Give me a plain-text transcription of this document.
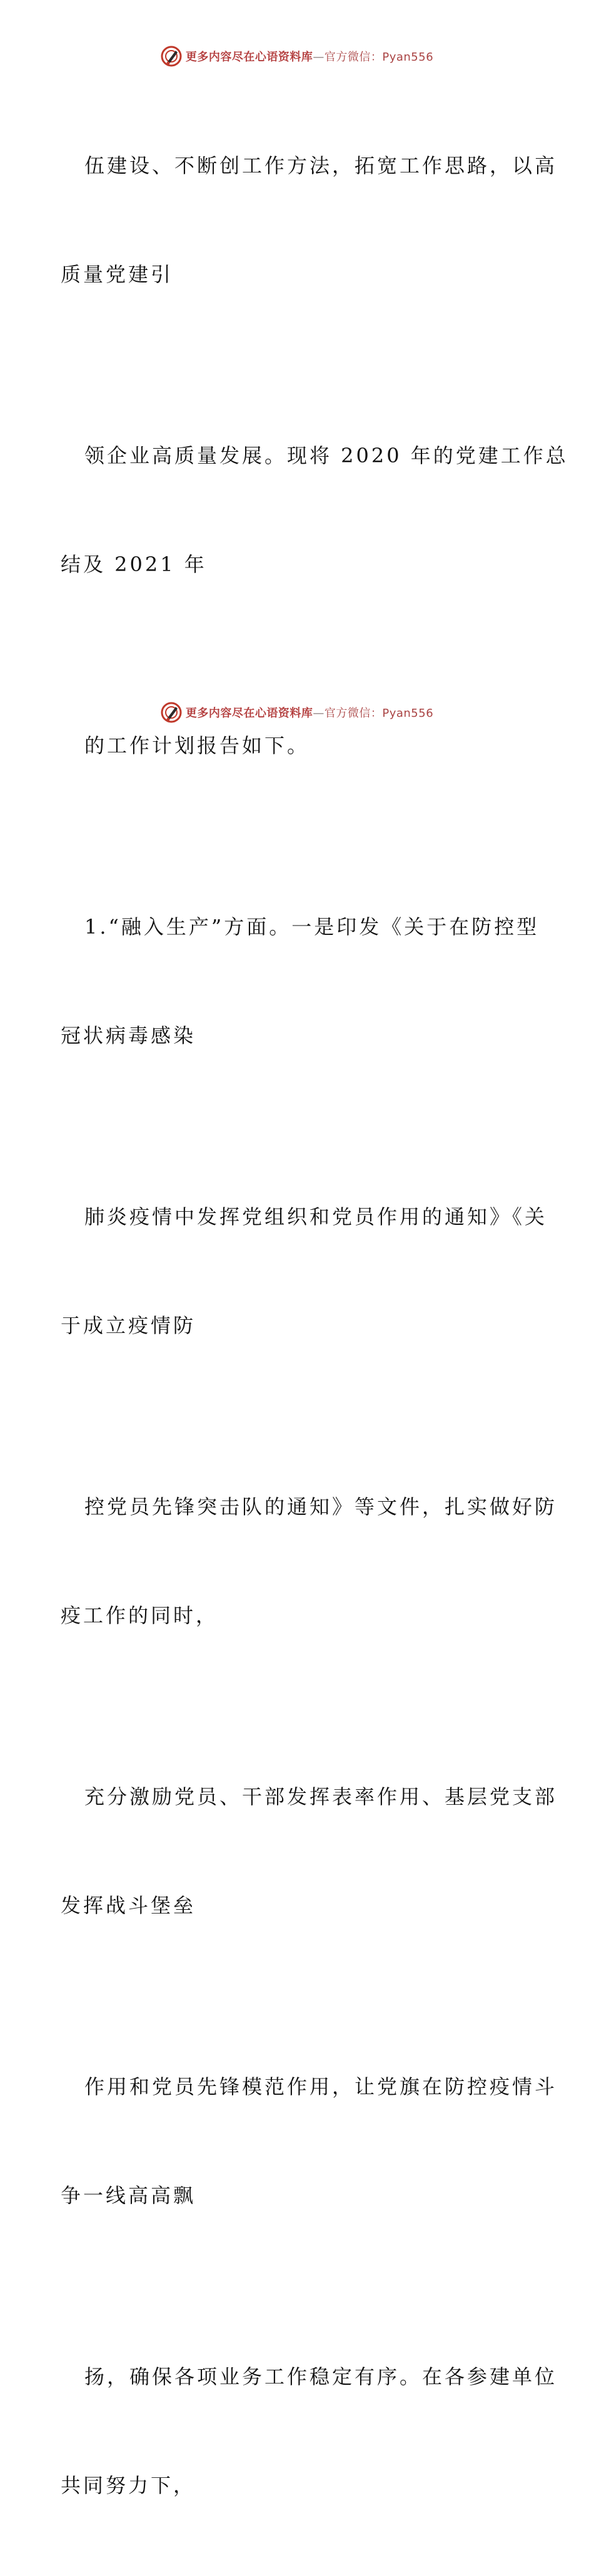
更多内容尽在心语资料库—官方微信：Pyan556

伍建设、不断创工作方法，拓宽工作思路，以高

质量党建引

领企业高质量发展。现将 2020 年的党建工作总

结及 2021 年

的工作计划报告如下。

1.“融入生产”方面。一是印发《关于在防控型

冠状病毒感染

肺炎疫情中发挥党组织和党员作用的通知》《关

于成立疫情防

控党员先锋突击队的通知》等文件，扎实做好防

疫工作的同时，

充分激励党员、干部发挥表率作用、基层党支部

发挥战斗堡垒

作用和党员先锋模范作用，让党旗在防控疫情斗

争一线高高飘

扬，确保各项业务工作稳定有序。在各参建单位

共同努力下，

更多内容尽在心语资料库—官方微信：Pyan556
